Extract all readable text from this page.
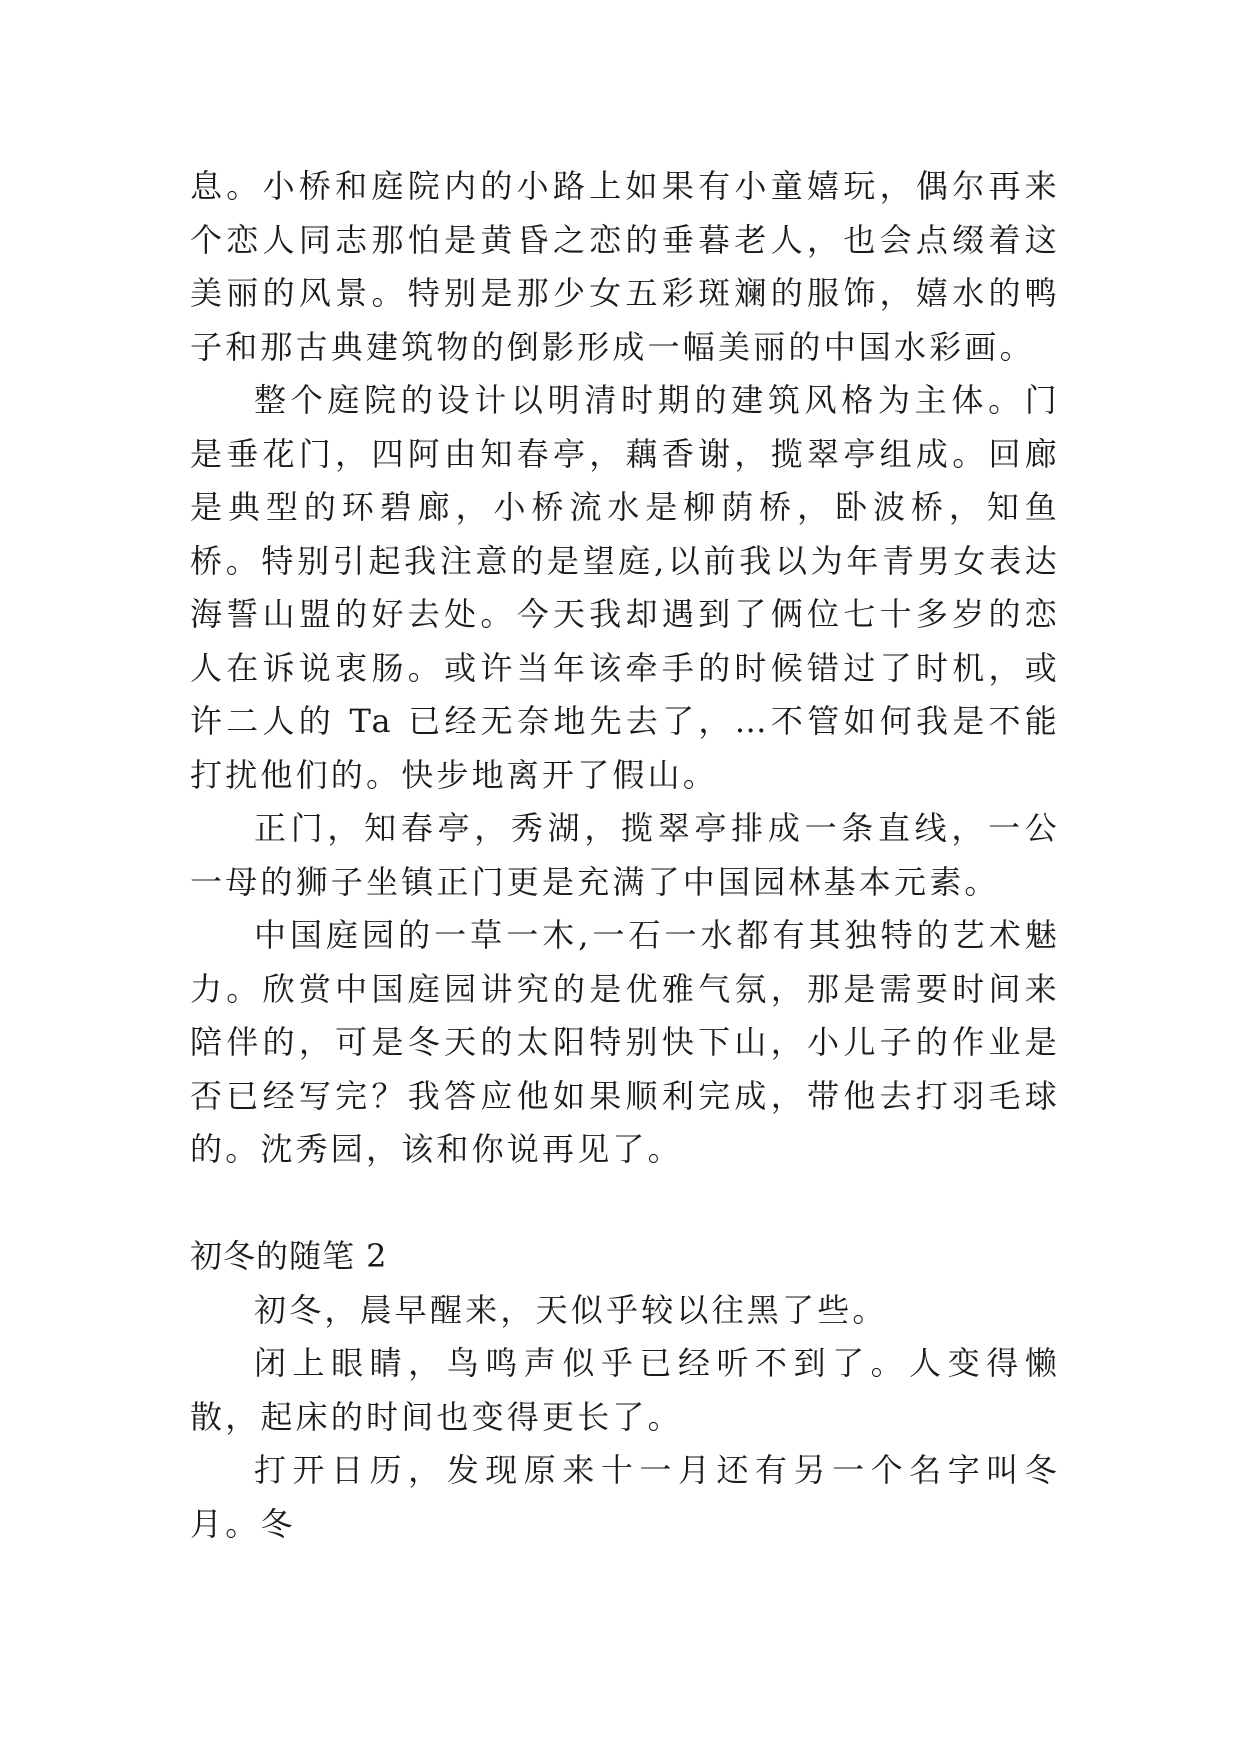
息。小桥和庭院内的小路上如果有小童嬉玩，偶尔再来个恋人同志那怕是黄昏之恋的垂暮老人，也会点缀着这美丽的风景。特别是那少女五彩斑斓的服饰，嬉水的鸭子和那古典建筑物的倒影形成一幅美丽的中国水彩画。

整个庭院的设计以明清时期的建筑风格为主体。门是垂花门，四阿由知春亭，藕香谢，揽翠亭组成。回廊是典型的环碧廊，小桥流水是柳荫桥，卧波桥，知鱼桥。特别引起我注意的是望庭,以前我以为年青男女表达海誓山盟的好去处。今天我却遇到了俩位七十多岁的恋人在诉说衷肠。或许当年该牵手的时候错过了时机，或许二人的 Ta 已经无奈地先去了，…不管如何我是不能打扰他们的。快步地离开了假山。

正门，知春亭，秀湖，揽翠亭排成一条直线，一公一母的狮子坐镇正门更是充满了中国园林基本元素。

中国庭园的一草一木,一石一水都有其独特的艺术魅力。欣赏中国庭园讲究的是优雅气氛，那是需要时间来陪伴的，可是冬天的太阳特别快下山，小儿子的作业是否已经写完？我答应他如果顺利完成，带他去打羽毛球的。沈秀园，该和你说再见了。

初冬的随笔 2

初冬，晨早醒来，天似乎较以往黑了些。

闭上眼睛，鸟鸣声似乎已经听不到了。人变得懒散，起床的时间也变得更长了。

打开日历，发现原来十一月还有另一个名字叫冬月。冬
